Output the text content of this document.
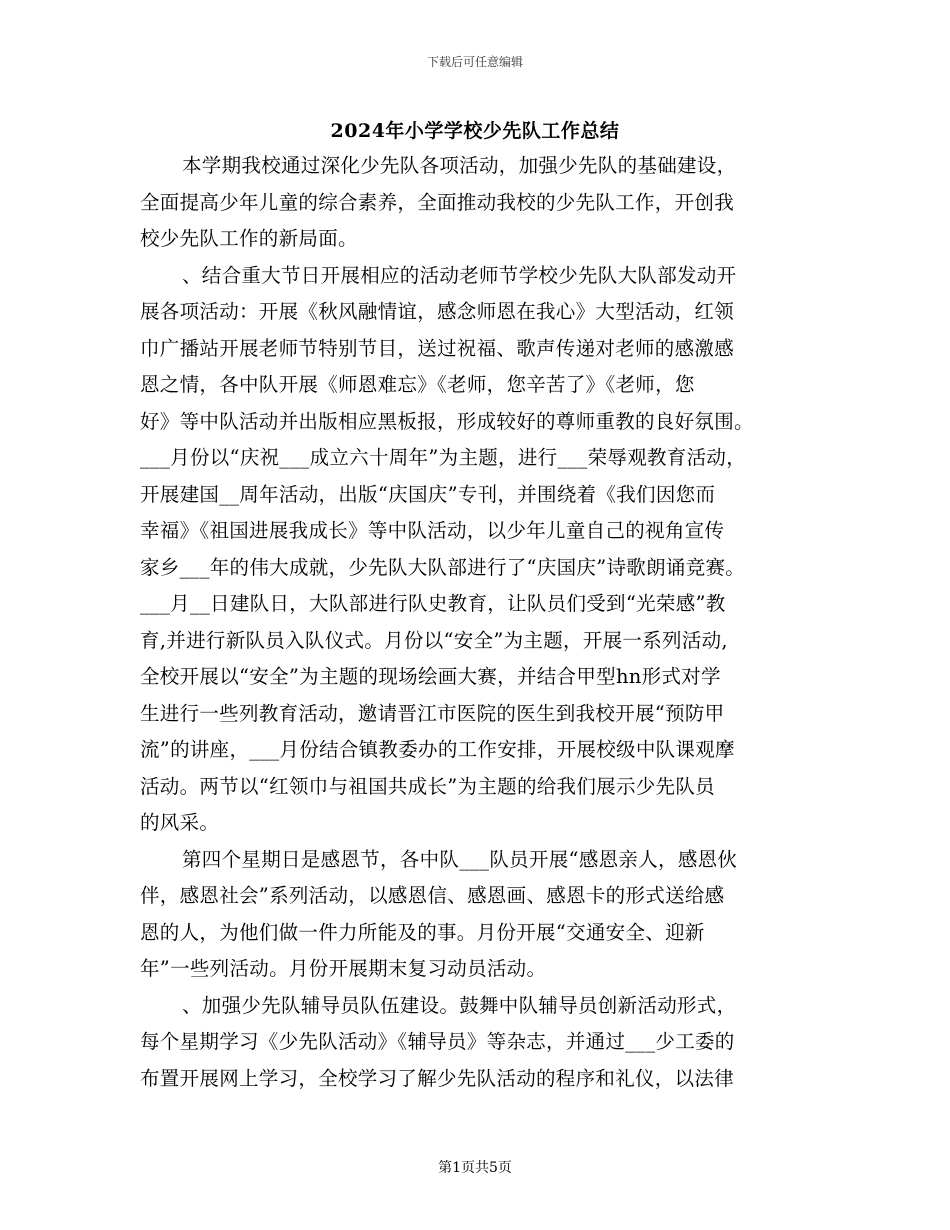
下载后可任意编辑
2024年小学学校少先队工作总结
本学期我校通过深化少先队各项活动，加强少先队的基础建设，
全面提高少年儿童的综合素养，全面推动我校的少先队工作，开创我
校少先队工作的新局面。
、结合重大节日开展相应的活动老师节学校少先队大队部发动开
展各项活动：开展《秋风融情谊，感念师恩在我心》大型活动，红领
巾广播站开展老师节特别节目，送过祝福、歌声传递对老师的感激感
恩之情，各中队开展《师恩难忘》《老师，您辛苦了》《老师，您
好》等中队活动并出版相应黑板报，形成较好的尊师重教的良好氛围。
___月份以“庆祝___成立六十周年”为主题，进行___荣辱观教育活动，
开展建国__周年活动，出版“庆国庆”专刊，并围绕着《我们因您而
幸福》《祖国进展我成长》等中队活动，以少年儿童自己的视角宣传
家乡___年的伟大成就，少先队大队部进行了“庆国庆”诗歌朗诵竞赛。
___月__日建队日，大队部进行队史教育，让队员们受到“光荣感”教
育,并进行新队员入队仪式。月份以“安全”为主题，开展一系列活动,
全校开展以“安全”为主题的现场绘画大赛，并结合甲型hn形式对学
生进行一些列教育活动，邀请晋江市医院的医生到我校开展“预防甲
流”的讲座，___月份结合镇教委办的工作安排，开展校级中队课观摩
活动。两节以“红领巾与祖国共成长”为主题的给我们展示少先队员
的风采。
第四个星期日是感恩节，各中队___队员开展“感恩亲人，感恩伙
伴，感恩社会”系列活动，以感恩信、感恩画、感恩卡的形式送给感
恩的人，为他们做一件力所能及的事。月份开展“交通安全、迎新
年”一些列活动。月份开展期末复习动员活动。
、加强少先队辅导员队伍建设。鼓舞中队辅导员创新活动形式，
每个星期学习《少先队活动》《辅导员》等杂志，并通过___少工委的
布置开展网上学习，全校学习了解少先队活动的程序和礼仪，以法律
第1页共5页
